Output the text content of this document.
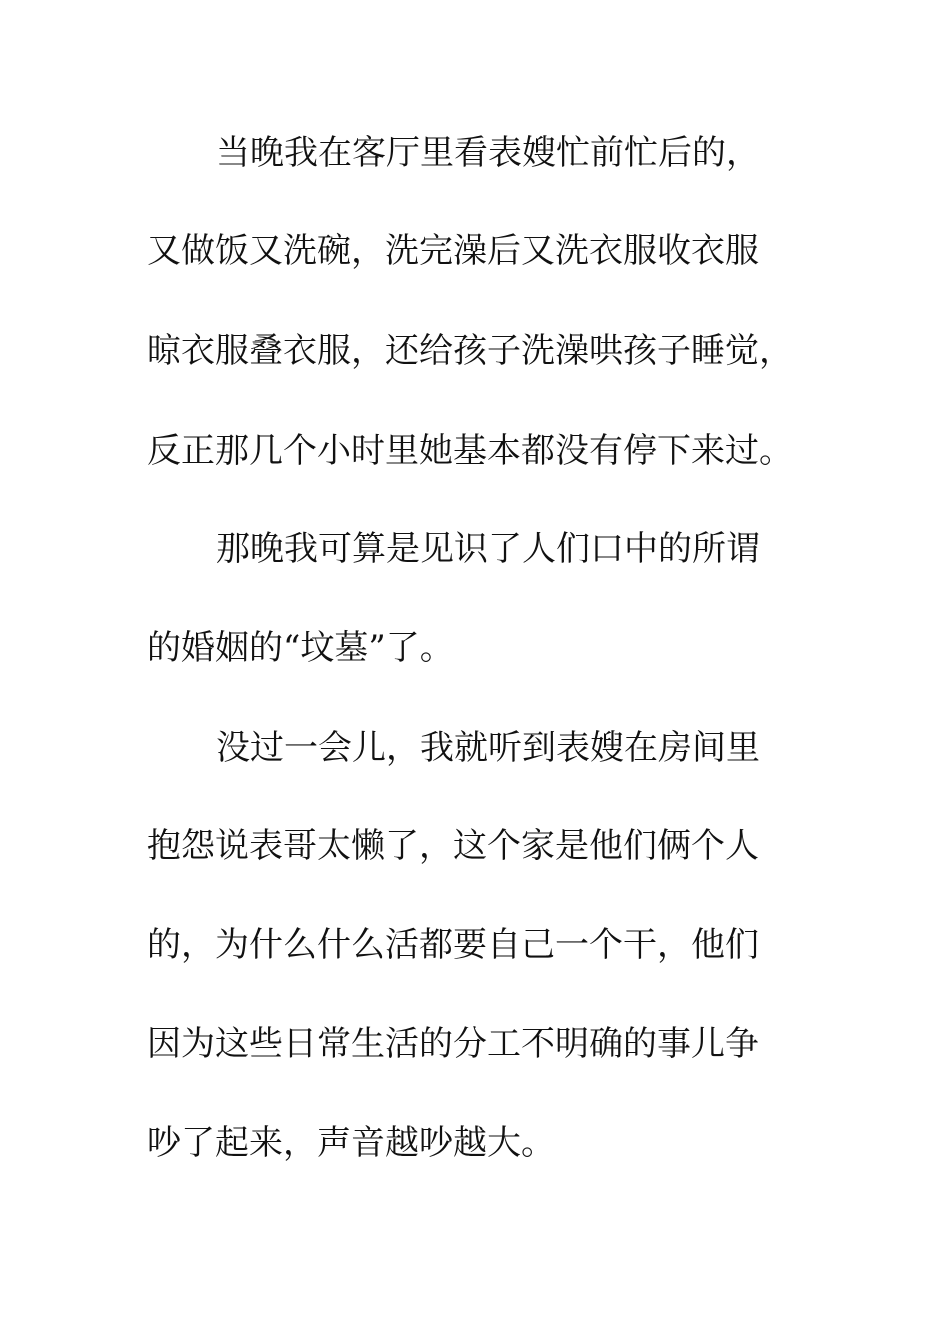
当晚我在客厅里看表嫂忙前忙后的，
又做饭又洗碗，洗完澡后又洗衣服收衣服
晾衣服叠衣服，还给孩子洗澡哄孩子睡觉，
反正那几个小时里她基本都没有停下来过。
那晚我可算是见识了人们口中的所谓
的婚姻的“坟墓”了。
没过一会儿，我就听到表嫂在房间里
抱怨说表哥太懒了，这个家是他们俩个人
的，为什么什么活都要自己一个干，他们
因为这些日常生活的分工不明确的事儿争
吵了起来，声音越吵越大。
